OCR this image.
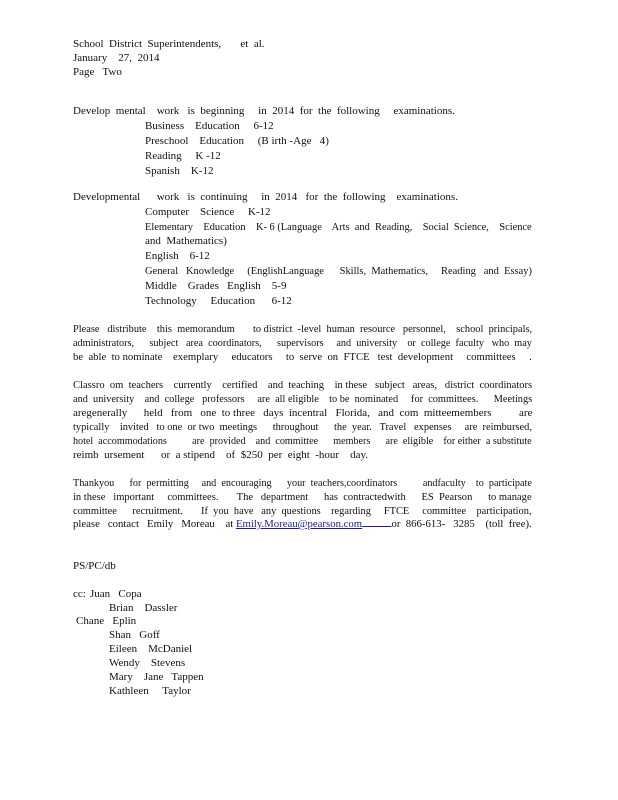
School  District  Superintendents,       et  al.
January    27,  2014
Page   Two
Develop  mental    work   is  beginning     in  2014  for  the  following     examinations.
Business    Education     6-12
Preschool    Education     (B irth -Age   4)
Reading     K -12
Spanish    K-12
Developmental      work   is  continuing     in  2014   for  the  following    examinations.
Computer    Science     K-12
Elementary    Education    K- 6 (Language    Arts  and  Reading,    Social  Science,    Science
and  Mathematics)
English    6-12
General   Knowledge     (EnglishLanguage      Skills,  Mathematics,     Reading   and  Essay)
Middle    Grades   English    5-9
Technology     Education      6-12
Please   distribute    this  memorandum       to district  -level  human  resource   personnel,    school  principals,
administrators,      subject   area  coordinators,      supervisors     and  university    or  college  faculty   who  may
be  able  to nominate    exemplary     educators     to  serve  on  FTCE   test  development     committees     .
Classro  om  teachers    currently    certified    and  teaching    in these   subject   areas,   district  coordinators
and  university    and  college   professors     are  all eligible    to be  nominated     for  committees.      Meetings
aregenerally      held   from   one  to three   days  incentral   Florida,   and  com  mitteemembers          are
typically    invited   to one  or two  meetings      throughout      the  year.   Travel   expenses     are  reimbursed,
hotel  accommodations          are  provided    and  committee      members      are  eligible    for either  a substitute
reimb  ursement      or  a stipend    of  $250  per  eight  -hour    day.
Thankyou      for  permitting     and  encouraging      your  teachers,coordinators          andfaculty    to  participate
in these   important     committees.       The   department      has  contractedwith      ES  Pearson      to manage
committee      recruitment.       If  you  have   any  questions    regarding     FTCE     committee    participation,
please   contact   Emily   Moreau    at Emily.Moreau@pearson.com	or  866-613-   3285    (toll  free).
PS/PC/db
cc: Juan   Copa
Brian    Dassler
Chane   Eplin
Shan   Goff
Eileen    McDaniel
Wendy    Stevens
Mary    Jane   Tappen
Kathleen     Taylor
